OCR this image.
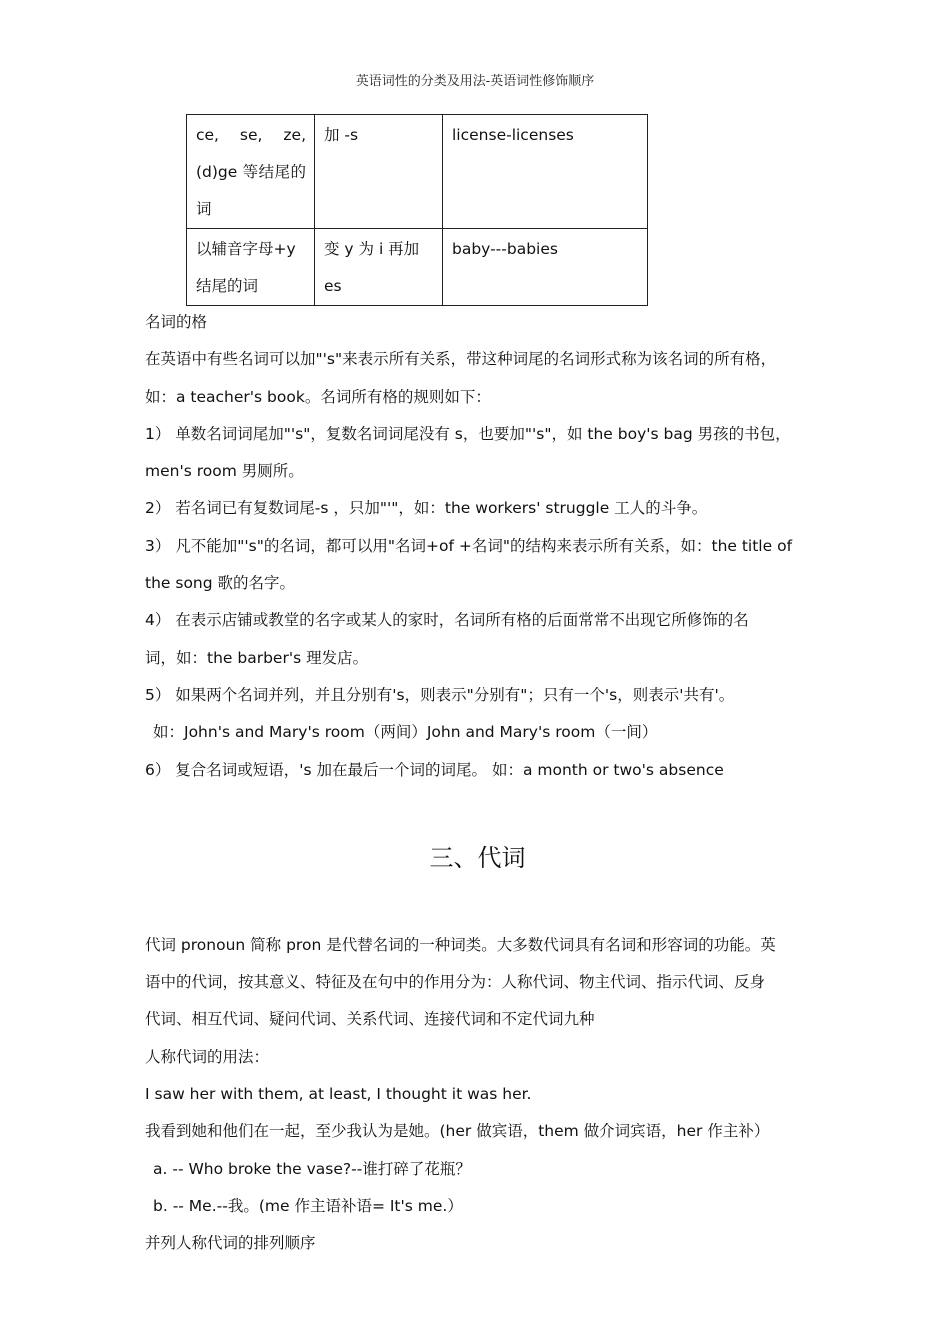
英语词性的分类及用法-英语词性修饰顺序
ce, se, ze, (d)ge 等结尾的词	加 -s	license-licenses
以辅音字母+y 结尾的词	变 y 为 i 再加 es	baby---babies

名词的格

在英语中有些名词可以加"'s"来表示所有关系，带这种词尾的名词形式称为该名词的所有格，

如：a teacher's book。名词所有格的规则如下：

1） 单数名词词尾加"'s"，复数名词词尾没有 s，也要加"'s"，如 the boy's bag 男孩的书包，

men's room 男厕所。

2） 若名词已有复数词尾-s ，只加"'"，如：the workers' struggle 工人的斗争。

3） 凡不能加"'s"的名词，都可以用"名词+of +名词"的结构来表示所有关系，如：the title of

the song 歌的名字。

4） 在表示店铺或教堂的名字或某人的家时，名词所有格的后面常常不出现它所修饰的名

词，如：the barber's 理发店。

5） 如果两个名词并列，并且分别有's，则表示"分别有"；只有一个's，则表示'共有'。

如：John's and Mary's room（两间）John and Mary's room（一间）

6） 复合名词或短语，'s 加在最后一个词的词尾。 如：a month or two's absence

三、代词

代词 pronoun 简称 pron 是代替名词的一种词类。大多数代词具有名词和形容词的功能。英

语中的代词，按其意义、特征及在句中的作用分为：人称代词、物主代词、指示代词、反身

代词、相互代词、疑问代词、关系代词、连接代词和不定代词九种

人称代词的用法：

I saw her with them, at least, I thought it was her.

我看到她和他们在一起，至少我认为是她。(her 做宾语，them 做介词宾语，her 作主补）

a. -- Who broke the vase?--谁打碎了花瓶？

b. -- Me.--我。(me 作主语补语= It's me.）

并列人称代词的排列顺序
